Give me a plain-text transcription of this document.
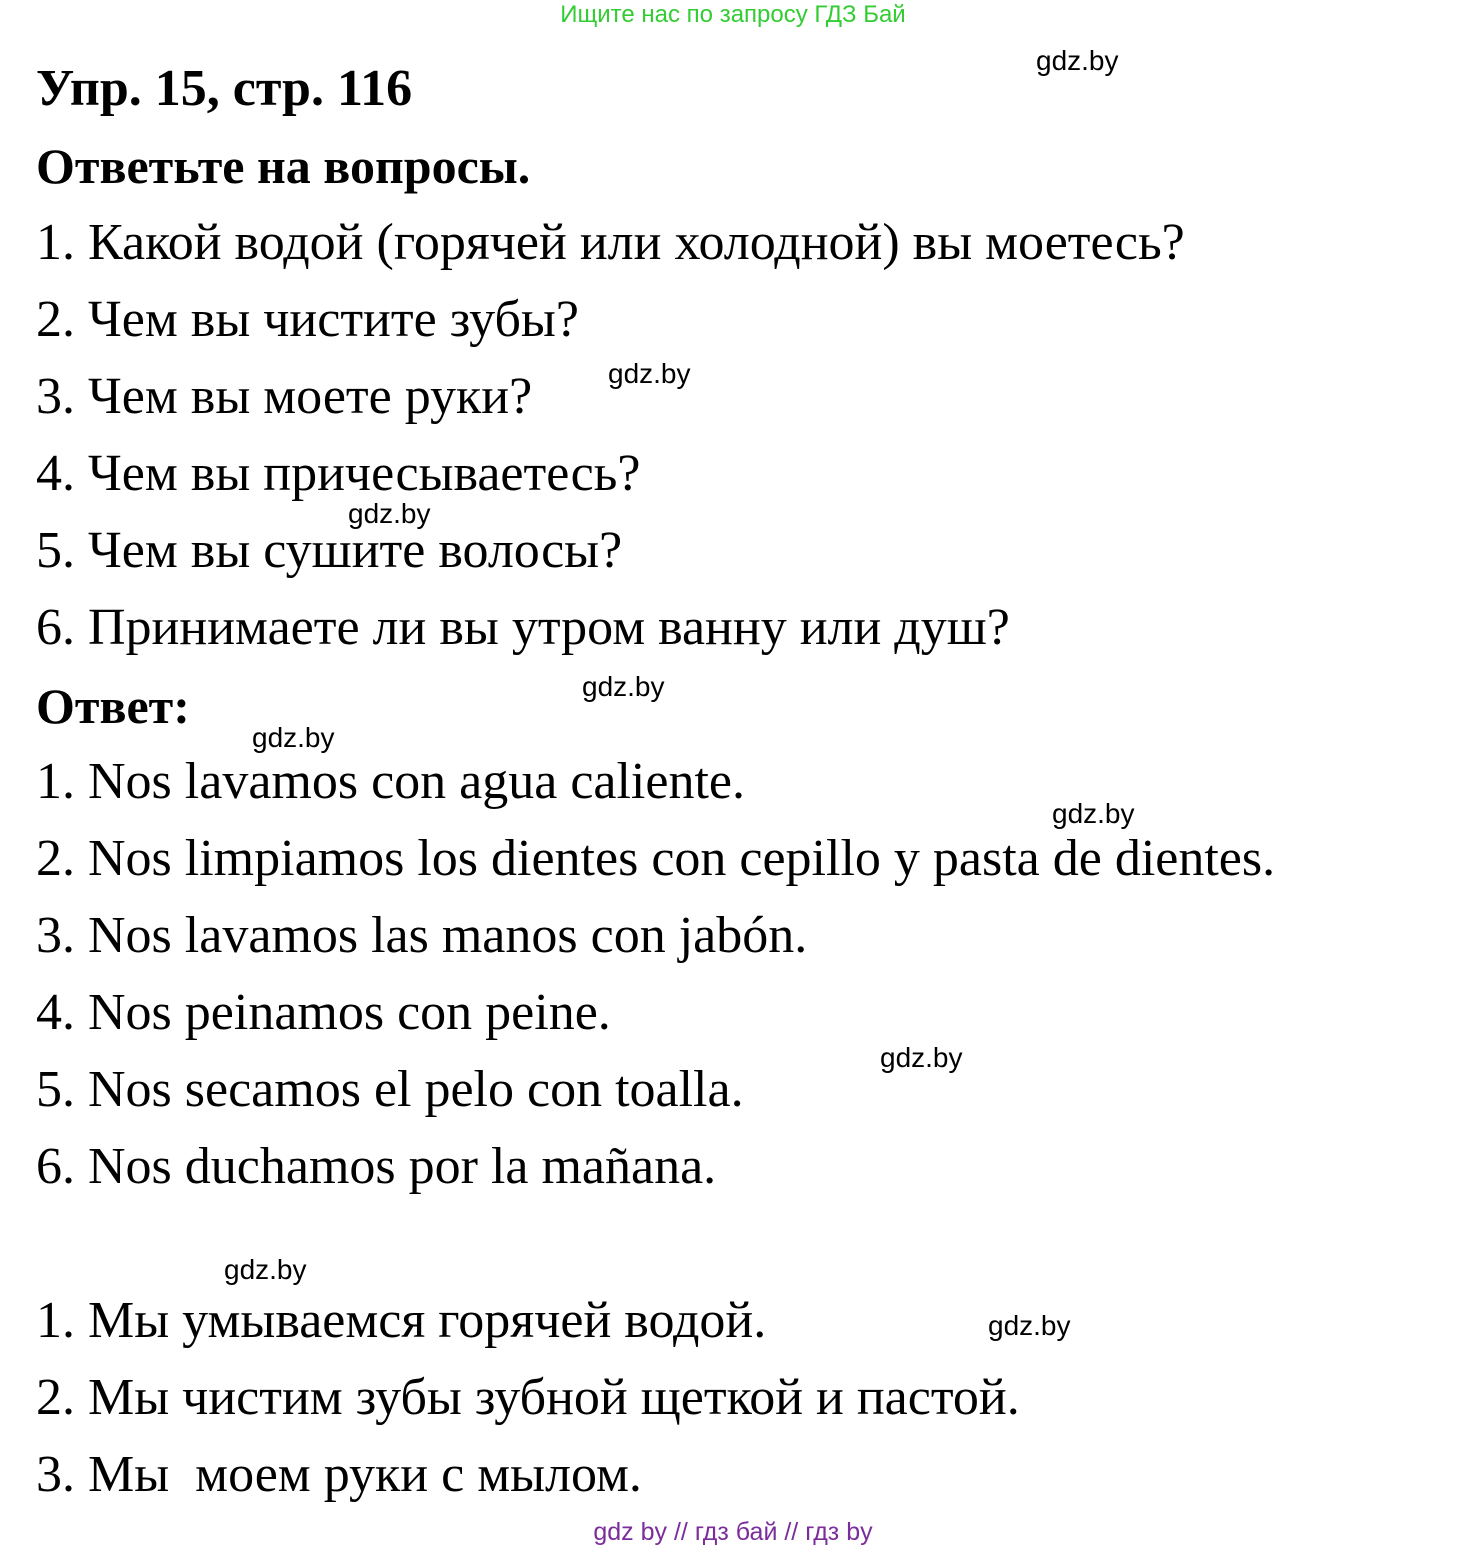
Ищите нас по запросу ГДЗ Бай
Упр. 15, стр. 116
Ответьте на вопросы.
1. Какой водой (горячей или холодной) вы моетесь?
2. Чем вы чистите зубы?
3. Чем вы моете руки?
4. Чем вы причесываетесь?
5. Чем вы сушите волосы?
6. Принимаете ли вы утром ванну или душ?
Ответ:
1. Nos lavamos con agua caliente.
2. Nos limpiamos los dientes con cepillo y pasta de dientes.
3. Nos lavamos las manos con jabón.
4. Nos peinamos con peine.
5. Nos secamos el pelo con toalla.
6. Nos duchamos por la mañana.
1. Мы умываемся горячей водой.
2. Мы чистим зубы зубной щеткой и пастой.
3. Мы  моем руки с мылом.
gdz.by
gdz.by
gdz.by
gdz.by
gdz.by
gdz.by
gdz.by
gdz.by
gdz.by
gdz by // гдз бай // гдз by
